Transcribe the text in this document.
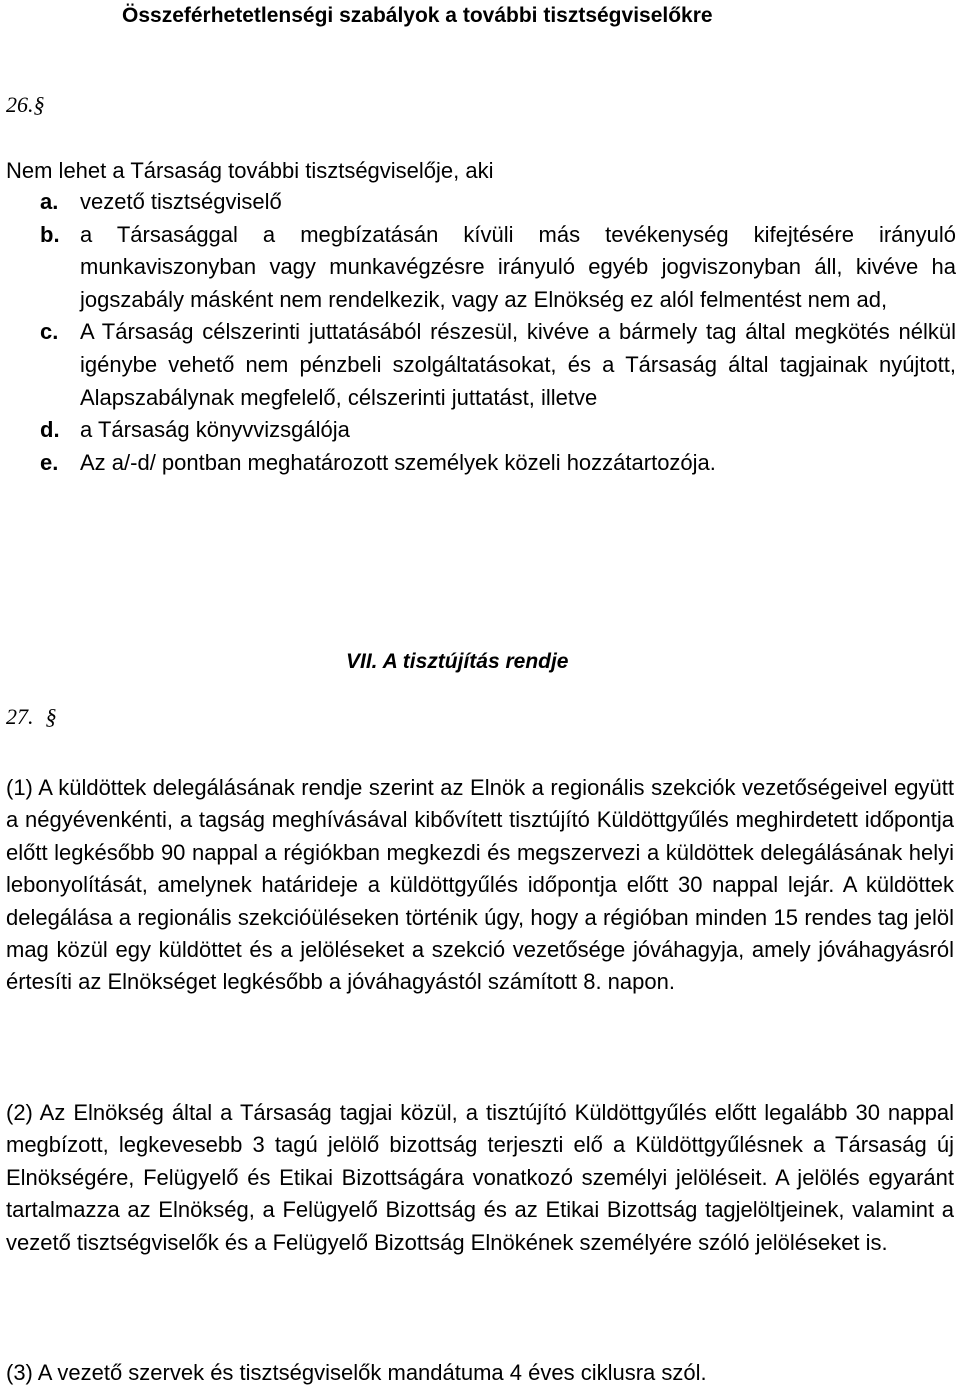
Összeférhetetlenségi szabályok a további tisztségviselőkre
26.§
Nem lehet a Társaság további tisztségviselője, aki
a. vezető tisztségviselő
b. a Társasággal a megbízatásán kívüli más tevékenység kifejtésére irányuló munkaviszonyban vagy munkavégzésre irányuló egyéb jogviszonyban áll, kivéve ha jogszabály másként nem rendelkezik, vagy az Elnökség ez alól felmentést nem ad,
c. A Társaság célszerinti juttatásából részesül, kivéve a bármely tag által megkötés nélkül igénybe vehető nem pénzbeli szolgáltatásokat, és a Társaság által tagjainak nyújtott, Alapszabálynak megfelelő, célszerinti juttatást, illetve
d. a Társaság könyvvizsgálója
e. Az a/-d/ pontban meghatározott személyek közeli hozzátartozója.
VII. A tisztújítás rendje
27. §

(1) A küldöttek delegálásának rendje szerint az Elnök a regionális szekciók vezetőségeivel együtt a négyévenkénti, a tagság meghívásával kibővített tisztújító Küldöttgyűlés meghirdetett időpontja előtt legkésőbb 90 nappal a régiókban megkezdi és megszervezi a küldöttek delegálásának helyi lebonyolítását, amelynek határideje a küldöttgyűlés időpontja előtt 30 nappal lejár. A küldöttek delegálása a regionális szekcióüléseken történik úgy, hogy a régióban minden 15 rendes tag jelöl mag közül egy küldöttet és a jelöléseket a szekció vezetősége jóváhagyja, amely jóváhagyásról értesíti az Elnökséget legkésőbb a jóváhagyástól számított 8. napon.

(2) Az Elnökség által a Társaság tagjai közül, a tisztújító Küldöttgyűlés előtt legalább 30 nappal megbízott, legkevesebb 3 tagú jelölő bizottság terjeszti elő a Küldöttgyűlésnek a Társaság új Elnökségére, Felügyelő és Etikai Bizottságára vonatkozó személyi jelöléseit. A jelölés egyaránt tartalmazza az Elnökség, a Felügyelő Bizottság és az Etikai Bizottság tagjelöltjeinek, valamint a vezető tisztségviselők és a Felügyelő Bizottság Elnökének személyére szóló jelöléseket is.

(3) A vezető szervek és tisztségviselők mandátuma 4 éves ciklusra szól.
